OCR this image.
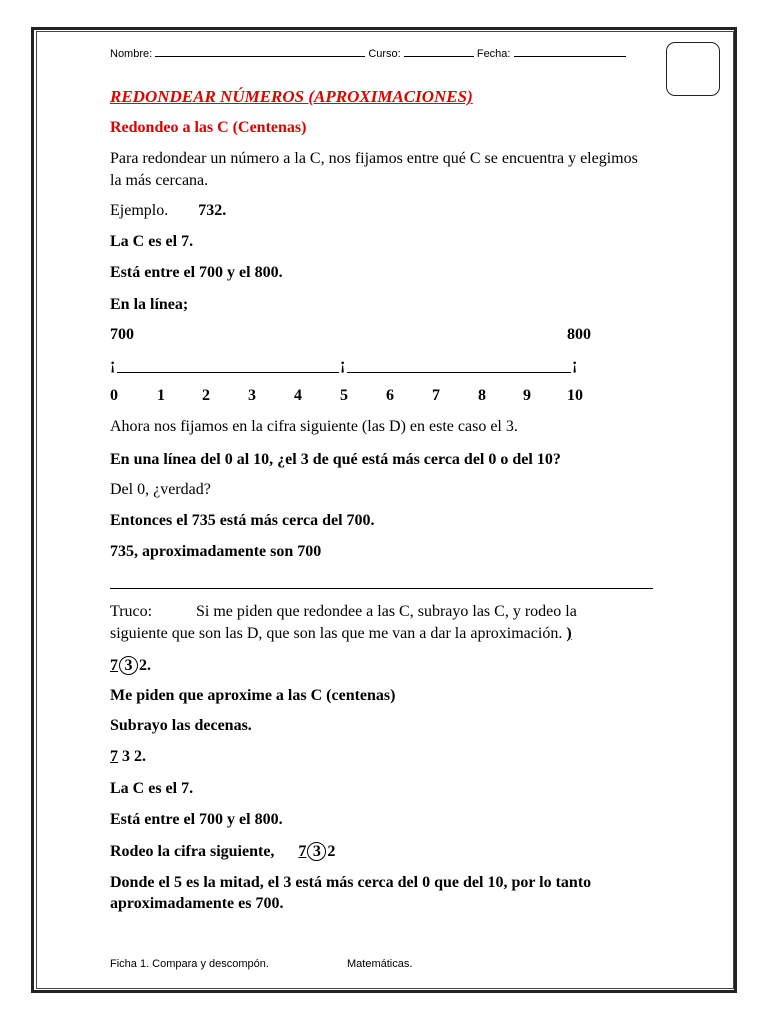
Nombre:	Curso:	Fecha:
REDONDEAR NÚMEROS (APROXIMACIONES)
Redondeo a las C (Centenas)
Para redondear un número a la C, nos fijamos entre qué C se encuentra y elegimos la más cercana.
Ejemplo. 732.
La C es el 7.
Está entre el 700 y el 800.
En la línea;
700	800
¡	¡	¡
0 1 2 3 4 5 6 7 8 9 10
Ahora nos fijamos en la cifra siguiente (las D) en este caso el 3.
En una línea del 0 al 10, ¿el 3 de qué está más cerca del 0 o del 10?
Del 0, ¿verdad?
Entonces el 735 está más cerca del 700.
735, aproximadamente son 700
Truco:	Si me piden que redondee a las C, subrayo las C, y rodeo la
siguiente que son las D, que son las que me van a dar la aproximación. )
7 3 2.
Me piden que aproxime a las C (centenas)
Subrayo las decenas.
7 3 2.
La C es el 7.
Está entre el 700 y el 800.
Rodeo la cifra siguiente, 7 3 2
Donde el 5 es la mitad, el 3 está más cerca del 0 que del 10, por lo tanto aproximadamente es 700.
Ficha 1. Compara y descompón.	Matemáticas.
